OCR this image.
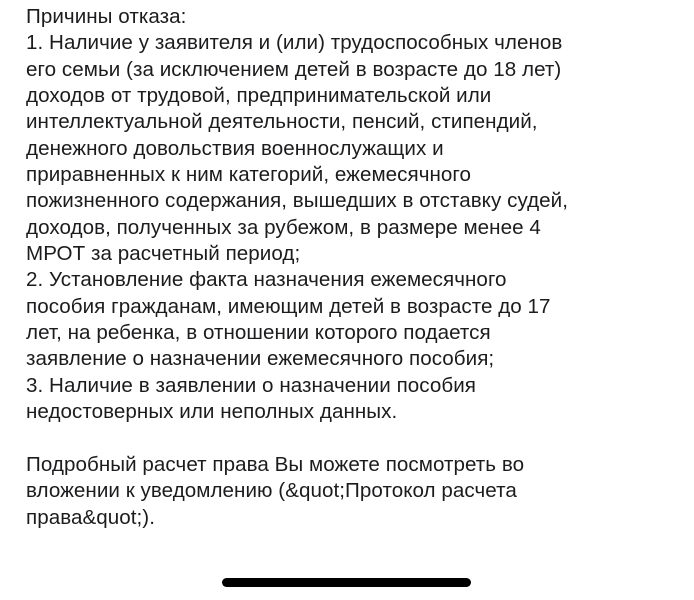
Причины отказа:
1. Наличие у заявителя и (или) трудоспособных членов
его семьи (за исключением детей в возрасте до 18 лет)
доходов от трудовой, предпринимательской или
интеллектуальной деятельности, пенсий, стипендий,
денежного довольствия военнослужащих и
приравненных к ним категорий, ежемесячного
пожизненного содержания, вышедших в отставку судей,
доходов, полученных за рубежом, в размере менее 4
МРОТ за расчетный период;
2. Установление факта назначения ежемесячного
пособия гражданам, имеющим детей в возрасте до 17
лет, на ребенка, в отношении которого подается
заявление о назначении ежемесячного пособия;
3. Наличие в заявлении о назначении пособия
недостоверных или неполных данных.
Подробный расчет права Вы можете посмотреть во
вложении к уведомлению (&quot;Протокол расчета
права&quot;).
